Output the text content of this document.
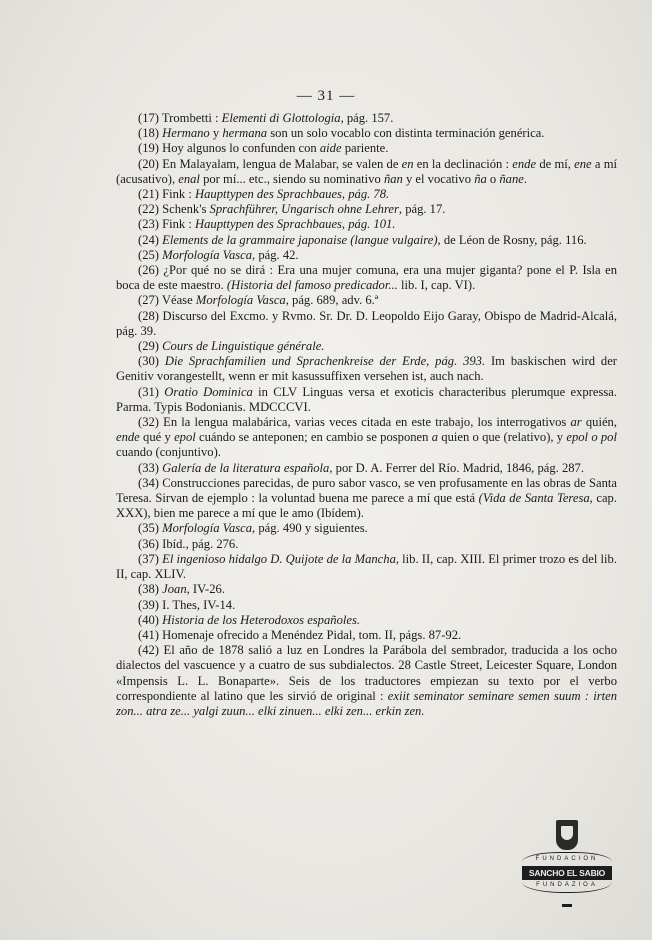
— 31 —

(17) Trombetti : Elementi di Glottologia, pág. 157.

(18) Hermano y hermana son un solo vocablo con distinta terminación genérica.

(19) Hoy algunos lo confunden con aide pariente.

(20) En Malayalam, lengua de Malabar, se valen de en en la declinación : ende de mí, ene a mí (acusativo), enal por mí... etc., siendo su nominativo ñan y el vocativo ña o ñane.

(21) Fink : Haupttypen des Sprachbaues, pág. 78.

(22) Schenk's Sprachführer, Ungarisch ohne Lehrer, pág. 17.

(23) Fink : Haupttypen des Sprachbaues, pág. 101.

(24) Elements de la grammaire japonaise (langue vulgaire), de Léon de Rosny, pág. 116.

(25) Morfología Vasca, pág. 42.

(26) ¿Por qué no se dirá : Era una mujer comuna, era una mujer giganta? pone el P. Isla en boca de este maestro. (Historia del famoso predicador... lib. I, cap. VI).

(27) Véase Morfología Vasca, pág. 689, adv. 6.ª

(28) Discurso del Excmo. y Rvmo. Sr. Dr. D. Leopoldo Eijo Garay, Obispo de Madrid-Alcalá, pág. 39.

(29) Cours de Linguistique générale.

(30) Die Sprachfamilien und Sprachenkreise der Erde, pág. 393. Im baskischen wird der Genitiv vorangestellt, wenn er mit kasussuffixen versehen ist, auch nach.

(31) Oratio Dominica in CLV Linguas versa et exoticis characteribus plerumque expressa. Parma. Typis Bodonianis. MDCCCVI.

(32) En la lengua malabárica, varias veces citada en este trabajo, los interrogativos ar quién, ende qué y epol cuándo se anteponen; en cambio se posponen a quien o que (relativo), y epol o pol cuando (conjuntivo).

(33) Galería de la literatura española, por D. A. Ferrer del Río. Madrid, 1846, pág. 287.

(34) Construcciones parecidas, de puro sabor vasco, se ven profusamente en las obras de Santa Teresa. Sirvan de ejemplo : la voluntad buena me parece a mí que está (Vida de Santa Teresa, cap. XXX), bien me parece a mí que le amo (Ibídem).

(35) Morfología Vasca, pág. 490 y siguientes.

(36) Ibíd., pág. 276.

(37) El ingenioso hidalgo D. Quijote de la Mancha, lib. II, cap. XIII. El primer trozo es del lib. II, cap. XLIV.

(38) Joan, IV-26.

(39) I. Thes, IV-14.

(40) Historia de los Heterodoxos españoles.

(41) Homenaje ofrecido a Menéndez Pidal, tom. II, págs. 87-92.

(42) El año de 1878 salió a luz en Londres la Parábola del sembrador, traducida a los ocho dialectos del vascuence y a cuatro de sus subdialectos. 28 Castle Street, Leicester Square, London «Impensis L. L. Bonaparte». Seis de los traductores empiezan su texto por el verbo correspondiente al latino que les sirvió de original : exiit seminator seminare semen suum : irten zon... atra ze... yalgi zuun... elki zinuen... elki zen... erkin zen.

FUNDACION
SANCHO EL SABIO
FUNDAZIOA
